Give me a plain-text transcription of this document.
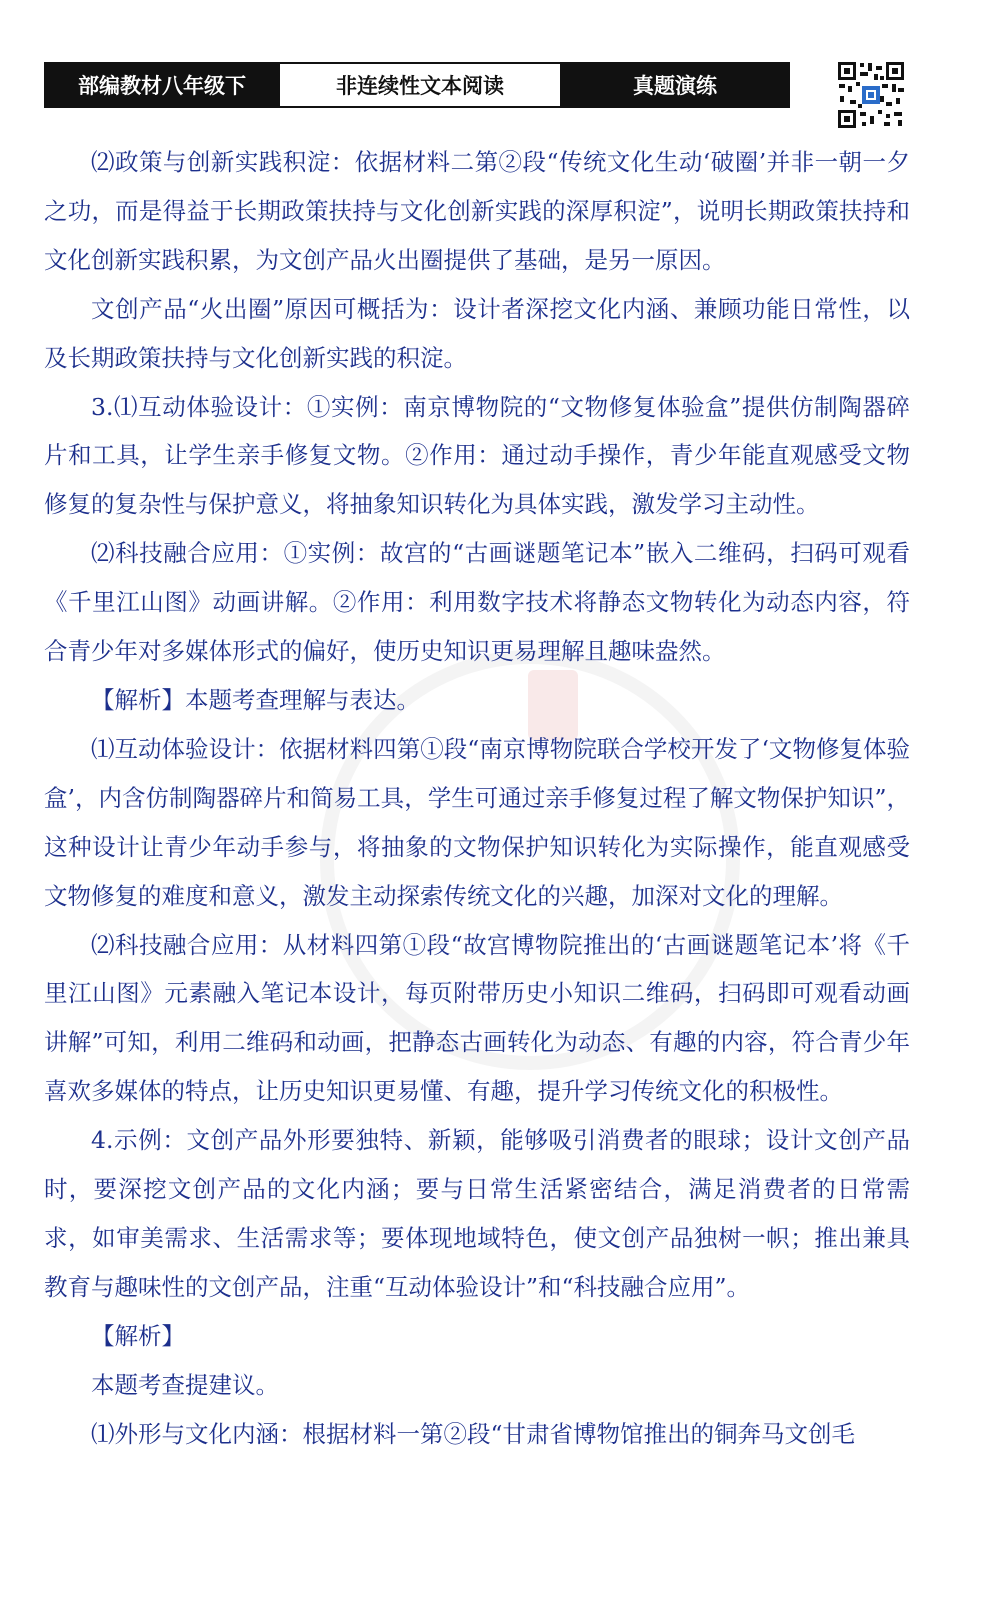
部编教材八年级下	非连续性文本阅读	真题演练

⑵政策与创新实践积淀：依据材料二第②段“传统文化生动‘破圈’并非一朝一夕之功，而是得益于长期政策扶持与文化创新实践的深厚积淀”，说明长期政策扶持和文化创新实践积累，为文创产品火出圈提供了基础，是另一原因。

文创产品“火出圈”原因可概括为：设计者深挖文化内涵、兼顾功能日常性，以及长期政策扶持与文化创新实践的积淀。

3.⑴互动体验设计：①实例：南京博物院的“文物修复体验盒”提供仿制陶器碎片和工具，让学生亲手修复文物。②作用：通过动手操作，青少年能直观感受文物修复的复杂性与保护意义，将抽象知识转化为具体实践，激发学习主动性。

⑵科技融合应用：①实例：故宫的“古画谜题笔记本”嵌入二维码，扫码可观看《千里江山图》动画讲解。②作用：利用数字技术将静态文物转化为动态内容，符合青少年对多媒体形式的偏好，使历史知识更易理解且趣味盎然。

【解析】本题考查理解与表达。

⑴互动体验设计：依据材料四第①段“南京博物院联合学校开发了‘文物修复体验盒’，内含仿制陶器碎片和简易工具，学生可通过亲手修复过程了解文物保护知识”，这种设计让青少年动手参与，将抽象的文物保护知识转化为实际操作，能直观感受文物修复的难度和意义，激发主动探索传统文化的兴趣，加深对文化的理解。

⑵科技融合应用：从材料四第①段“故宫博物院推出的‘古画谜题笔记本’将《千里江山图》元素融入笔记本设计，每页附带历史小知识二维码，扫码即可观看动画讲解”可知，利用二维码和动画，把静态古画转化为动态、有趣的内容，符合青少年喜欢多媒体的特点，让历史知识更易懂、有趣，提升学习传统文化的积极性。

4.示例：文创产品外形要独特、新颖，能够吸引消费者的眼球；设计文创产品时，要深挖文创产品的文化内涵；要与日常生活紧密结合，满足消费者的日常需求，如审美需求、生活需求等；要体现地域特色，使文创产品独树一帜；推出兼具教育与趣味性的文创产品，注重“互动体验设计”和“科技融合应用”。

【解析】

本题考查提建议。

⑴外形与文化内涵：根据材料一第②段“甘肃省博物馆推出的铜奔马文创毛
